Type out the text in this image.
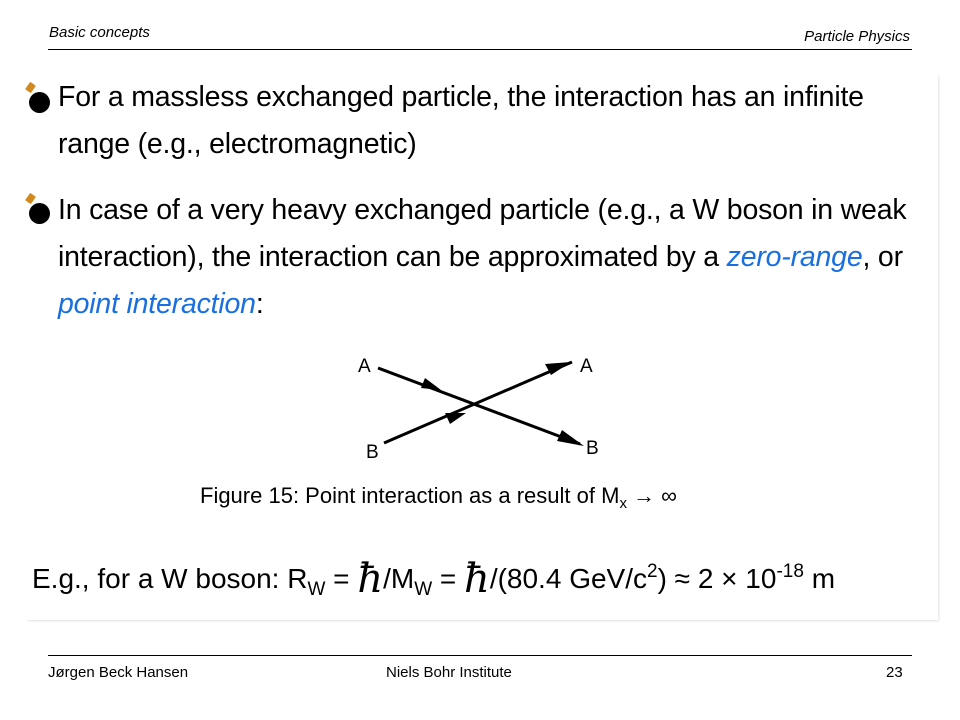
Basic concepts	Particle Physics
For a massless exchanged particle, the interaction has an infinite
range (e.g., electromagnetic)
In case of a very heavy exchanged particle (e.g., a W boson in weak
interaction), the interaction can be approximated by a zero-range, or
point interaction:
A
B
A
B
Figure 15: Point interaction as a result of $M_x$ → ∞
E.g., for a W boson: $R_W$ = $ħ/M_W$ = ħ/(80.4 GeV/$c^2) \approx 2 \times 10^{-18}$ m
Jørgen Beck Hansen	Niels Bohr Institute	23
